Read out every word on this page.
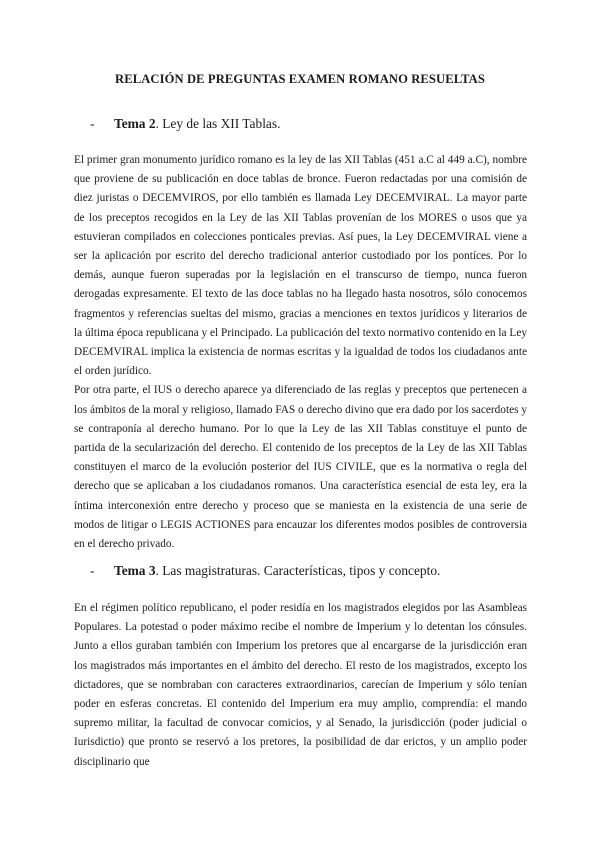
RELACIÓN DE PREGUNTAS EXAMEN ROMANO RESUELTAS
-	Tema 2. Ley de las XII Tablas.

El primer gran monumento jurídico romano es la ley de las XII Tablas (451 a.C al 449 a.C), nombre que proviene de su publicación en doce tablas de bronce. Fueron redactadas por una comisión de diez juristas o DECEMVIROS, por ello también es llamada Ley DECEMVIRAL. La mayor parte de los preceptos recogidos en la Ley de las XII Tablas provenían de los MORES o usos que ya estuvieran compilados en colecciones ponticales previas. Así pues, la Ley DECEMVIRAL viene a ser la aplicación por escrito del derecho tradicional anterior custodiado por los pontíces. Por lo demás, aunque fueron superadas por la legislación en el transcurso de tiempo, nunca fueron derogadas expresamente. El texto de las doce tablas no ha llegado hasta nosotros, sólo conocemos fragmentos y referencias sueltas del mismo, gracias a menciones en textos jurídicos y literarios de la última época republicana y el Principado. La publicación del texto normativo contenido en la Ley DECEMVIRAL implica la existencia de normas escritas y la igualdad de todos los ciudadanos ante el orden jurídico.

Por otra parte, el IUS o derecho aparece ya diferenciado de las reglas y preceptos que pertenecen a los ámbitos de la moral y religioso, llamado FAS o derecho divino que era dado por los sacerdotes y se contraponía al derecho humano. Por lo que la Ley de las XII Tablas constituye el punto de partida de la secularización del derecho. El contenido de los preceptos de la Ley de las XII Tablas constituyen el marco de la evolución posterior del IUS CIVILE, que es la normativa o regla del derecho que se aplicaban a los ciudadanos romanos. Una característica esencial de esta ley, era la íntima interconexión entre derecho y proceso que se maniesta en la existencia de una serie de modos de litigar o LEGIS ACTIONES para encauzar los diferentes modos posibles de controversia en el derecho privado.

-	Tema 3. Las magistraturas. Características, tipos y concepto.

En el régimen político republicano, el poder residía en los magistrados elegidos por las Asambleas Populares. La potestad o poder máximo recibe el nombre de Imperium y lo detentan los cónsules. Junto a ellos guraban también con Imperium los pretores que al encargarse de la jurisdicción eran los magistrados más importantes en el ámbito del derecho. El resto de los magistrados, excepto los dictadores, que se nombraban con caracteres extraordinarios, carecían de Imperium y sólo tenían poder en esferas concretas. El contenido del Imperium era muy amplio, comprendía: el mando supremo militar, la facultad de convocar comicios, y al Senado, la jurisdicción (poder judicial o Iurisdictio) que pronto se reservó a los pretores, la posibilidad de dar erictos, y un amplio poder disciplinario que
